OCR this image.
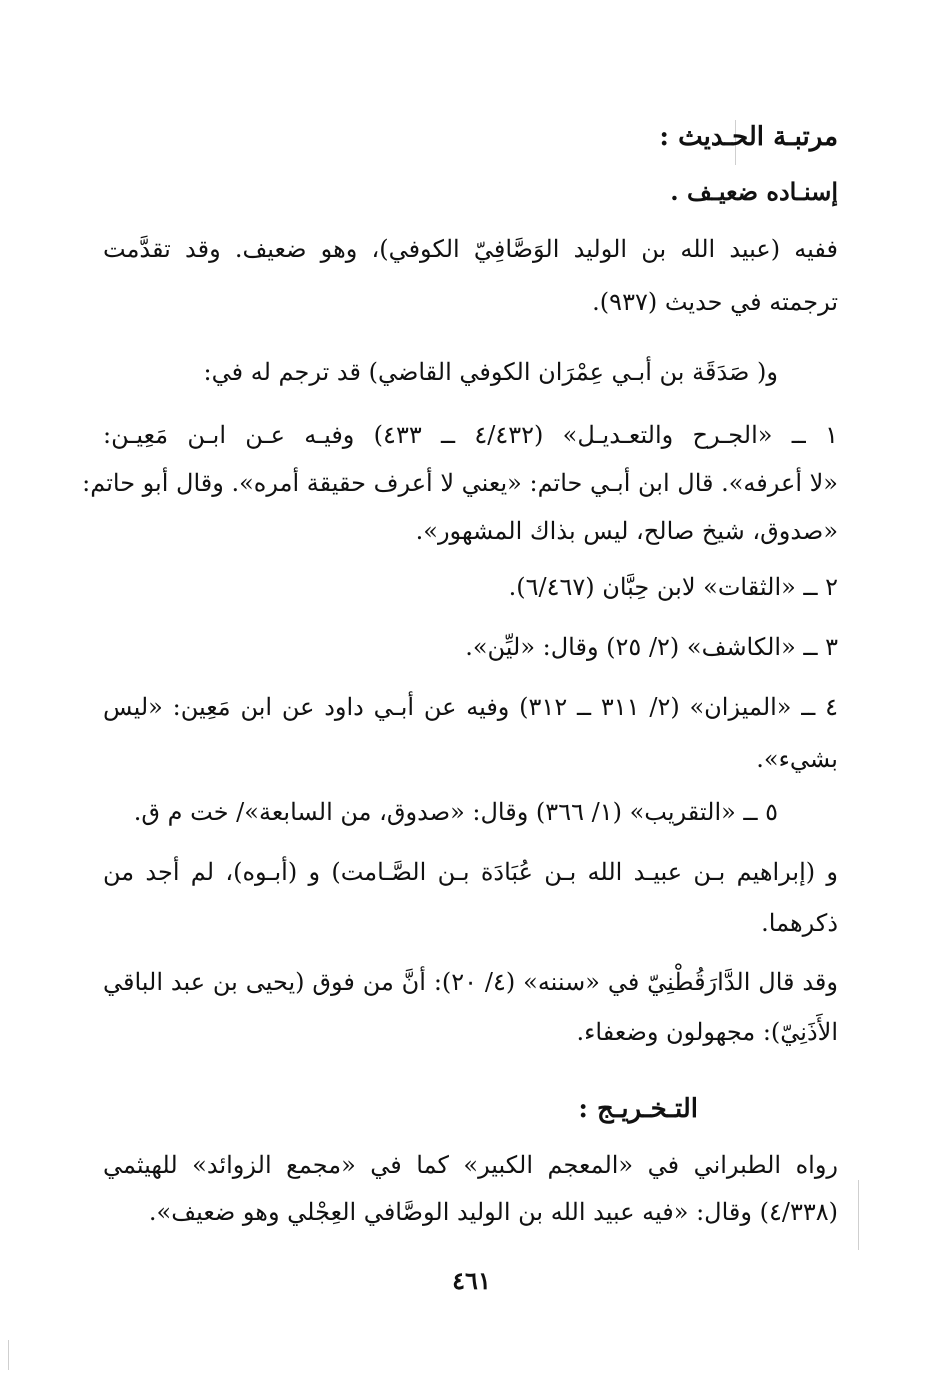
مرتبـة الحـديث :
إسنـاده ضعيـف .
ففيه (عبيد الله بن الوليد الوَصَّافِيّ الكوفي)، وهو ضعيف. وقد تقدَّمت
ترجمته في حديث (٩٣٧).
و( صَدَقَة بن أبـي عِمْرَان الكوفي القاضي) قد ترجم له في:
١ ــ «الجـرح والتعـديـل» (٤/٤٣٢ ــ ٤٣٣) وفيـه عـن ابـن مَعِيـن:
«لا أعرفه». قال ابن أبـي حاتم: «يعني لا أعرف حقيقة أمره». وقال أبو حاتم:
«صدوق، شيخ صالح، ليس بذاك المشهور».
٢ ــ «الثقات» لابن حِبَّان (٦/٤٦٧).
٣ ــ «الكاشف» (٢/ ٢٥) وقال: «ليِّن».
٤ ــ «الميزان» (٢/ ٣١١ ــ ٣١٢) وفيه عن أبـي داود عن ابن مَعِين: «ليس
بشيء».
٥ ــ «التقريب» (١/ ٣٦٦) وقال: «صدوق، من السابعة»/ خت م ق.
و (إبراهيم بـن عبيـد الله بـن عُبَادَة بـن الصَّـامت) و (أبـوه)، لم أجد من
ذكرهما.
وقد قال الدَّارَقُطْنِيّ في «سننه» (٤/ ٢٠): أنَّ من فوق (يحيى بن عبد الباقي
الأَذَنِيّ): مجهولون وضعفاء.
التـخـريـج :
رواه الطبراني في «المعجم الكبير» كما في «مجمع الزوائد» للهيثمي
(٤/٣٣٨) وقال: «فيه عبيد الله بن الوليد الوصَّافي العِجْلي وهو ضعيف».
٤٦١
